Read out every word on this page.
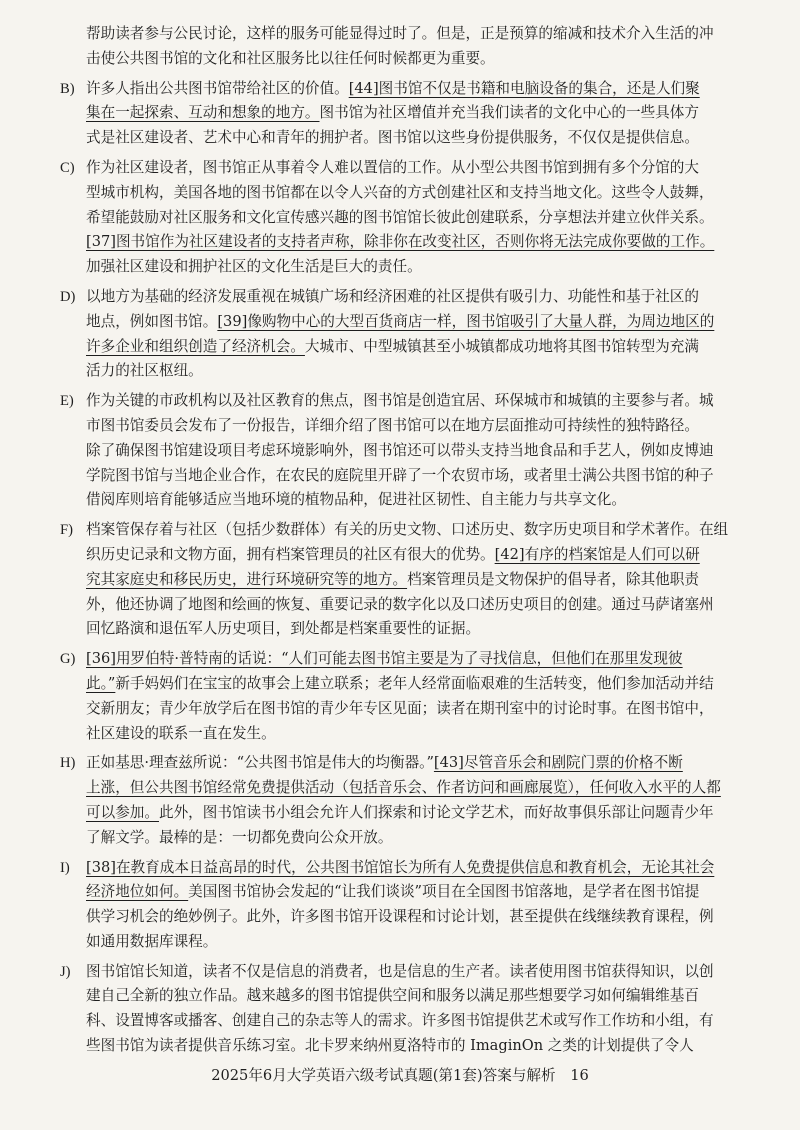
帮助读者参与公民讨论，这样的服务可能显得过时了。但是，正是预算的缩减和技术介入生活的冲
击使公共图书馆的文化和社区服务比以往任何时候都更为重要。
B) 许多人指出公共图书馆带给社区的价值。[44]图书馆不仅是书籍和电脑设备的集合，还是人们聚
集在一起探索、互动和想象的地方。图书馆为社区增值并充当我们读者的文化中心的一些具体方
式是社区建设者、艺术中心和青年的拥护者。图书馆以这些身份提供服务，不仅仅是提供信息。
C) 作为社区建设者，图书馆正从事着令人难以置信的工作。从小型公共图书馆到拥有多个分馆的大
型城市机构，美国各地的图书馆都在以令人兴奋的方式创建社区和支持当地文化。这些令人鼓舞，
希望能鼓励对社区服务和文化宣传感兴趣的图书馆馆长彼此创建联系，分享想法并建立伙伴关系。
[37]图书馆作为社区建设者的支持者声称，除非你在改变社区，否则你将无法完成你要做的工作。
加强社区建设和拥护社区的文化生活是巨大的责任。
D) 以地方为基础的经济发展重视在城镇广场和经济困难的社区提供有吸引力、功能性和基于社区的
地点，例如图书馆。[39]像购物中心的大型百货商店一样，图书馆吸引了大量人群，为周边地区的
许多企业和组织创造了经济机会。大城市、中型城镇甚至小城镇都成功地将其图书馆转型为充满
活力的社区枢纽。
E) 作为关键的市政机构以及社区教育的焦点，图书馆是创造宜居、环保城市和城镇的主要参与者。城
市图书馆委员会发布了一份报告，详细介绍了图书馆可以在地方层面推动可持续性的独特路径。
除了确保图书馆建设项目考虑环境影响外，图书馆还可以带头支持当地食品和手艺人，例如皮博迪
学院图书馆与当地企业合作，在农民的庭院里开辟了一个农贸市场，或者里士满公共图书馆的种子
借阅库则培育能够适应当地环境的植物品种，促进社区韧性、自主能力与共享文化。
F) 档案管保存着与社区（包括少数群体）有关的历史文物、口述历史、数字历史项目和学术著作。在组
织历史记录和文物方面，拥有档案管理员的社区有很大的优势。[42]有序的档案馆是人们可以研
究其家庭史和移民历史，进行环境研究等的地方。档案管理员是文物保护的倡导者，除其他职责
外，他还协调了地图和绘画的恢复、重要记录的数字化以及口述历史项目的创建。通过马萨诸塞州
回忆路演和退伍军人历史项目，到处都是档案重要性的证据。
G) [36]用罗伯特·普特南的话说：“人们可能去图书馆主要是为了寻找信息，但他们在那里发现彼
此。”新手妈妈们在宝宝的故事会上建立联系；老年人经常面临艰难的生活转变，他们参加活动并结
交新朋友；青少年放学后在图书馆的青少年专区见面；读者在期刊室中的讨论时事。在图书馆中，
社区建设的联系一直在发生。
H) 正如基思·理查兹所说：“公共图书馆是伟大的均衡器。”[43]尽管音乐会和剧院门票的价格不断
上涨，但公共图书馆经常免费提供活动（包括音乐会、作者访问和画廊展览），任何收入水平的人都
可以参加。此外，图书馆读书小组会允许人们探索和讨论文学艺术，而好故事俱乐部让问题青少年
了解文学。最棒的是：一切都免费向公众开放。
I) [38]在教育成本日益高昂的时代，公共图书馆馆长为所有人免费提供信息和教育机会，无论其社会
经济地位如何。美国图书馆协会发起的“让我们谈谈”项目在全国图书馆落地，是学者在图书馆提
供学习机会的绝妙例子。此外，许多图书馆开设课程和讨论计划，甚至提供在线继续教育课程，例
如通用数据库课程。
J) 图书馆馆长知道，读者不仅是信息的消费者，也是信息的生产者。读者使用图书馆获得知识，以创
建自己全新的独立作品。越来越多的图书馆提供空间和服务以满足那些想要学习如何编辑维基百
科、设置博客或播客、创建自己的杂志等人的需求。许多图书馆提供艺术或写作工作坊和小组，有
些图书馆为读者提供音乐练习室。北卡罗来纳州夏洛特市的 ImaginOn 之类的计划提供了令人
2025年6月大学英语六级考试真题(第1套)答案与解析 16
